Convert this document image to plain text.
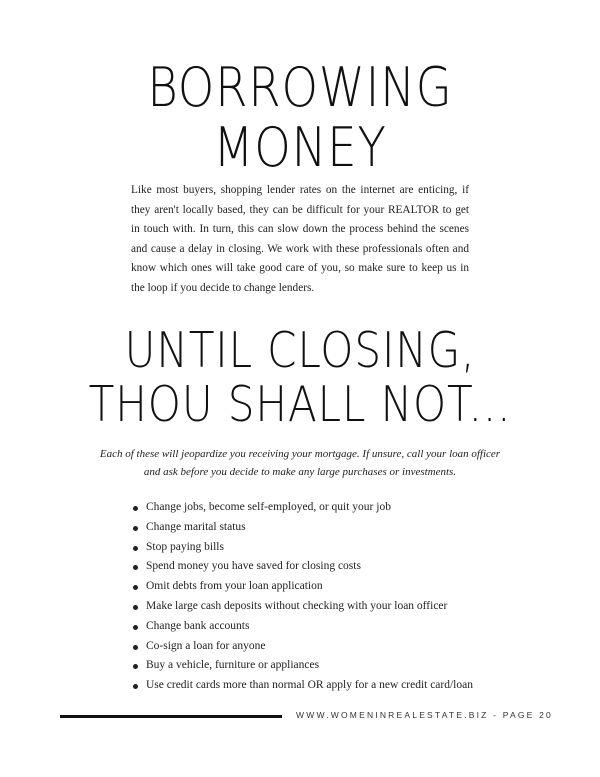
BORROWING
MONEY
Like most buyers, shopping lender rates on the internet are enticing, if they aren't locally based, they can be difficult for your REALTOR to get in touch with. In turn, this can slow down the process behind the scenes and cause a delay in closing. We work with these professionals often and know which ones will take good care of you, so make sure to keep us in the loop if you decide to change lenders.
UNTIL CLOSING,
THOU SHALL NOT...
Each of these will jeopardize you receiving your mortgage. If unsure, call your loan officer
and ask before you decide to make any large purchases or investments.
Change jobs, become self-employed, or quit your job
Change marital status
Stop paying bills
Spend money you have saved for closing costs
Omit debts from your loan application
Make large cash deposits without checking with your loan officer
Change bank accounts
Co-sign a loan for anyone
Buy a vehicle, furniture or appliances
Use credit cards more than normal OR apply for a new credit card/loan
WWW.WOMENINREALESTATE.BIZ - PAGE 20
